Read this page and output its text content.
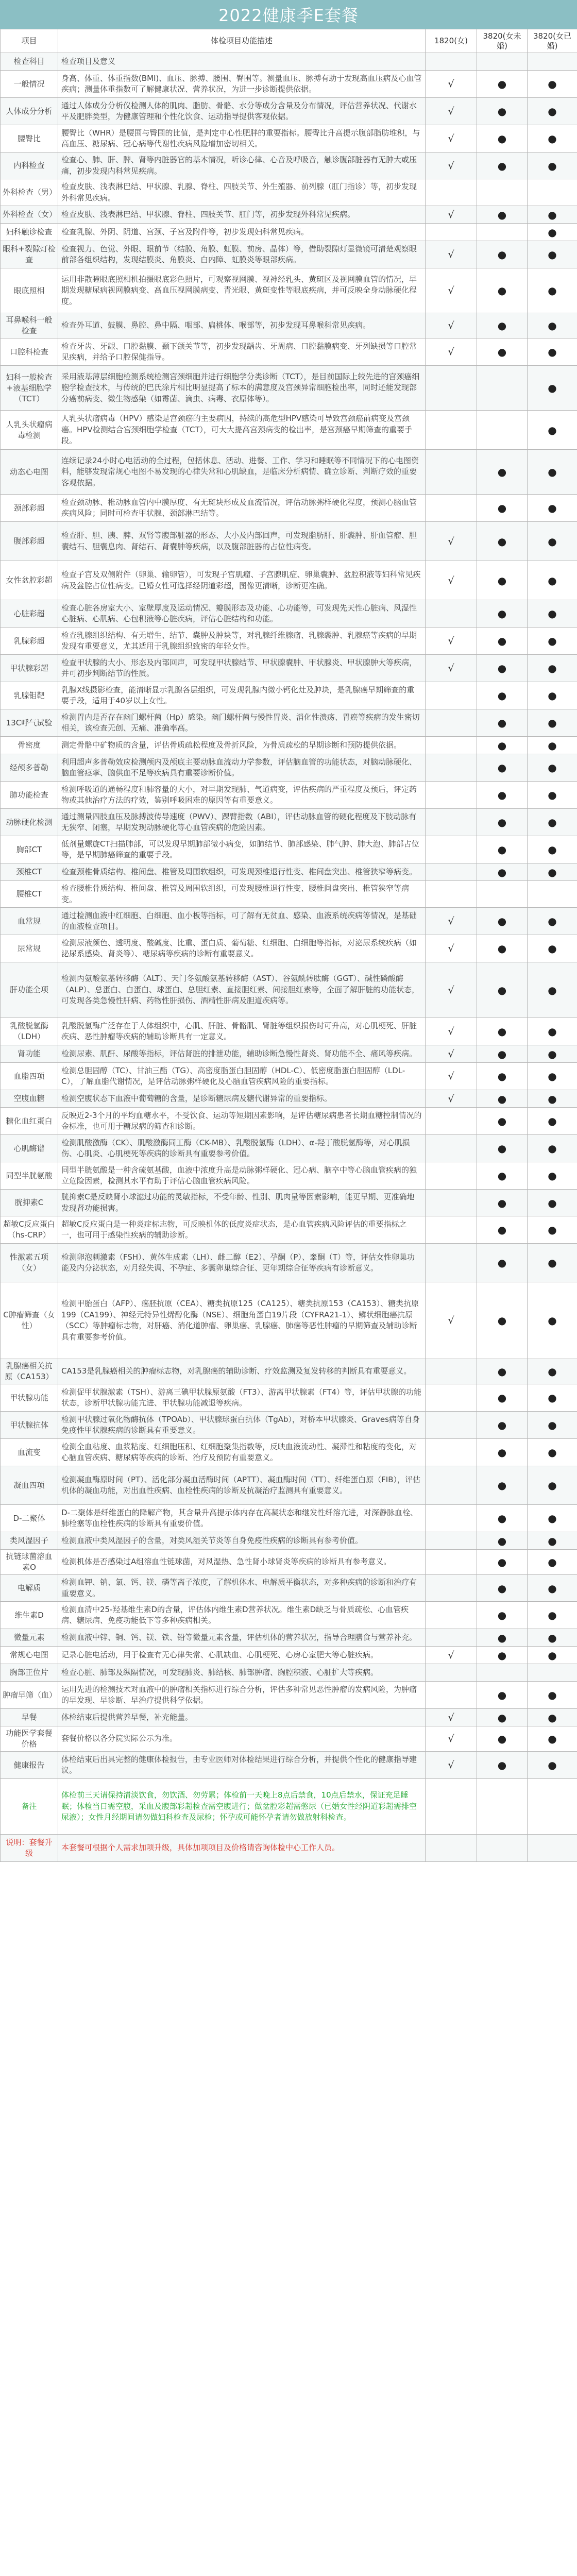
2022健康季E套餐
项目	体检项目功能描述	1820(女)	3820(女未婚)	3820(女已婚)
检查科目	检查项目及意义			
一般情况	身高、体重、体重指数(BMI)、血压、脉搏、腰围、臀围等。测量血压、脉搏有助于发现高血压病及心血管疾病；测量体重指数可了解健康状况、营养状况，为进一步诊断提供依据。	√	●	●
人体成分分析	通过人体成分分析仪检测人体的肌肉、脂肪、骨骼、水分等成分含量及分布情况，评估营养状况、代谢水平及肥胖类型，为健康管理和个性化饮食、运动指导提供客观依据。	√	●	●
腰臀比	腰臀比（WHR）是腰围与臀围的比值，是判定中心性肥胖的重要指标。腰臀比升高提示腹部脂肪堆积，与高血压、糖尿病、冠心病等代谢性疾病风险增加密切相关。	√	●	●
内科检查	检查心、肺、肝、脾、肾等内脏器官的基本情况，听诊心律、心音及呼吸音，触诊腹部脏器有无肿大或压痛，初步发现内科常见疾病。	√	●	●
外科检查（男）	检查皮肤、浅表淋巴结、甲状腺、乳腺、脊柱、四肢关节、外生殖器、前列腺（肛门指诊）等，初步发现外科常见疾病。			
外科检查（女）	检查皮肤、浅表淋巴结、甲状腺、脊柱、四肢关节、肛门等，初步发现外科常见疾病。	√	●	●
妇科触诊检查	检查乳腺、外阴、阴道、宫颈、子宫及附件等，初步发现妇科常见疾病。			●
眼科+裂隙灯检查	检查视力、色觉、外眼、眼前节（结膜、角膜、虹膜、前房、晶体）等，借助裂隙灯显微镜可清楚观察眼前部各组织结构，发现结膜炎、角膜炎、白内障、虹膜炎等眼部疾病。	√	●	●
眼底照相	运用非散瞳眼底照相机拍摄眼底彩色照片，可观察视网膜、视神经乳头、黄斑区及视网膜血管的情况，早期发现糖尿病视网膜病变、高血压视网膜病变、青光眼、黄斑变性等眼底疾病，并可反映全身动脉硬化程度。	√	●	●
耳鼻喉科一般检查	检查外耳道、鼓膜、鼻腔、鼻中隔、咽部、扁桃体、喉部等，初步发现耳鼻喉科常见疾病。	√	●	●
口腔科检查	检查牙齿、牙龈、口腔黏膜、颞下颌关节等，初步发现龋齿、牙周病、口腔黏膜病变、牙列缺损等口腔常见疾病，并给予口腔保健指导。	√	●	●
妇科一般检查+液基细胞学（TCT）	采用液基薄层细胞检测系统检测宫颈细胞并进行细胞学分类诊断（TCT），是目前国际上较先进的宫颈癌细胞学检查技术，与传统的巴氏涂片相比明显提高了标本的满意度及宫颈异常细胞检出率，同时还能发现部分癌前病变、微生物感染（如霉菌、滴虫、病毒、衣原体等）。			●
人乳头状瘤病毒检测	人乳头状瘤病毒（HPV）感染是宫颈癌的主要病因，持续的高危型HPV感染可导致宫颈癌前病变及宫颈癌。HPV检测结合宫颈细胞学检查（TCT），可大大提高宫颈病变的检出率，是宫颈癌早期筛查的重要手段。			●
动态心电图	连续记录24小时心电活动的全过程，包括休息、活动、进餐、工作、学习和睡眠等不同情况下的心电图资料，能够发现常规心电图不易发现的心律失常和心肌缺血，是临床分析病情、确立诊断、判断疗效的重要客观依据。		●	●
颈部彩超	检查颈动脉、椎动脉血管内中膜厚度、有无斑块形成及血流情况，评估动脉粥样硬化程度，预测心脑血管疾病风险；同时可检查甲状腺、颈部淋巴结等。		●	●
腹部彩超	检查肝、胆、胰、脾、双肾等腹部脏器的形态、大小及内部回声，可发现脂肪肝、肝囊肿、肝血管瘤、胆囊结石、胆囊息肉、肾结石、肾囊肿等疾病，以及腹部脏器的占位性病变。	√	●	●
女性盆腔彩超	检查子宫及双侧附件（卵巢、输卵管），可发现子宫肌瘤、子宫腺肌症、卵巢囊肿、盆腔积液等妇科常见疾病及盆腔占位性病变。已婚女性可选择经阴道彩超，图像更清晰，诊断更准确。	√	●	●
心脏彩超	检查心脏各房室大小、室壁厚度及运动情况、瓣膜形态及功能、心功能等，可发现先天性心脏病、风湿性心脏病、心肌病、心包积液等心脏疾病，评估心脏结构和功能。		●	●
乳腺彩超	检查乳腺组织结构、有无增生、结节、囊肿及肿块等，对乳腺纤维腺瘤、乳腺囊肿、乳腺癌等疾病的早期发现有重要意义，尤其适用于乳腺组织致密的年轻女性。	√	●	●
甲状腺彩超	检查甲状腺的大小、形态及内部回声，可发现甲状腺结节、甲状腺囊肿、甲状腺炎、甲状腺肿大等疾病，并可初步判断结节的性质。	√	●	●
乳腺钼靶	乳腺X线摄影检查，能清晰显示乳腺各层组织，可发现乳腺内微小钙化灶及肿块，是乳腺癌早期筛查的重要手段，适用于40岁以上女性。		●	●
13C呼气试验	检测胃内是否存在幽门螺杆菌（Hp）感染。幽门螺杆菌与慢性胃炎、消化性溃疡、胃癌等疾病的发生密切相关，该检查无创、无痛、准确率高。		●	●
骨密度	测定骨骼中矿物质的含量，评估骨质疏松程度及骨折风险，为骨质疏松的早期诊断和预防提供依据。		●	●
经颅多普勒	利用超声多普勒效应检测颅内及颅底主要动脉血流动力学参数，评估脑血管的功能状态，对脑动脉硬化、脑血管痉挛、脑供血不足等疾病具有重要诊断价值。		●	●
肺功能检查	检测呼吸道的通畅程度和肺容量的大小，对早期发现肺、气道病变，评估疾病的严重程度及预后，评定药物或其他治疗方法的疗效，鉴别呼吸困难的原因等有重要意义。		●	●
动脉硬化检测	通过测量四肢血压及脉搏波传导速度（PWV）、踝臂指数（ABI），评估动脉血管的硬化程度及下肢动脉有无狭窄、闭塞，早期发现动脉硬化等心血管疾病的危险因素。		●	●
胸部CT	低剂量螺旋CT扫描肺部，可以发现早期肺部微小病变，如肺结节、肺部感染、肺气肿、肺大泡、肺部占位等，是早期肺癌筛查的重要手段。		●	●
颈椎CT	检查颈椎骨质结构、椎间盘、椎管及周围软组织，可发现颈椎退行性变、椎间盘突出、椎管狭窄等病变。		●	●
腰椎CT	检查腰椎骨质结构、椎间盘、椎管及周围软组织，可发现腰椎退行性变、腰椎间盘突出、椎管狭窄等病变。			
血常规	通过检测血液中红细胞、白细胞、血小板等指标，可了解有无贫血、感染、血液系统疾病等情况，是基础的血液检查项目。	√	●	●
尿常规	检测尿液颜色、透明度、酸碱度、比重、蛋白质、葡萄糖、红细胞、白细胞等指标，对泌尿系统疾病（如泌尿系感染、肾炎等）、糖尿病等疾病的诊断有重要意义。	√	●	●
肝功能全项	检测丙氨酸氨基转移酶（ALT）、天门冬氨酸氨基转移酶（AST）、谷氨酰转肽酶（GGT）、碱性磷酸酶（ALP）、总蛋白、白蛋白、球蛋白、总胆红素、直接胆红素、间接胆红素等，全面了解肝脏的功能状态，可发现各类急慢性肝病、药物性肝损伤、酒精性肝病及胆道疾病等。	√	●	●
乳酸脱氢酶（LDH）	乳酸脱氢酶广泛存在于人体组织中，心肌、肝脏、骨骼肌、肾脏等组织损伤时可升高，对心肌梗死、肝脏疾病、恶性肿瘤等疾病的辅助诊断具有一定意义。	√	●	●
肾功能	检测尿素、肌酐、尿酸等指标，评估肾脏的排泄功能，辅助诊断急慢性肾炎、肾功能不全、痛风等疾病。	√	●	●
血脂四项	检测总胆固醇（TC）、甘油三酯（TG）、高密度脂蛋白胆固醇（HDL-C）、低密度脂蛋白胆固醇（LDL-C），了解血脂代谢情况，是评估动脉粥样硬化及心脑血管疾病风险的重要指标。	√	●	●
空腹血糖	检测空腹状态下血液中葡萄糖的含量，是诊断糖尿病及糖代谢异常的重要指标。	√	●	●
糖化血红蛋白	反映近2-3个月的平均血糖水平，不受饮食、运动等短期因素影响，是评估糖尿病患者长期血糖控制情况的金标准，也可用于糖尿病的筛查和诊断。		●	●
心肌酶谱	检测肌酸激酶（CK）、肌酸激酶同工酶（CK-MB）、乳酸脱氢酶（LDH）、α-羟丁酸脱氢酶等，对心肌损伤、心肌炎、心肌梗死等疾病的诊断具有重要参考价值。		●	●
同型半胱氨酸	同型半胱氨酸是一种含硫氨基酸，血液中浓度升高是动脉粥样硬化、冠心病、脑卒中等心脑血管疾病的独立危险因素，检测其水平有助于评估心脑血管疾病风险。		●	●
胱抑素C	胱抑素C是反映肾小球滤过功能的灵敏指标，不受年龄、性别、肌肉量等因素影响，能更早期、更准确地发现肾功能损害。		●	●
超敏C反应蛋白（hs-CRP）	超敏C反应蛋白是一种炎症标志物，可反映机体的低度炎症状态，是心血管疾病风险评估的重要指标之一，也可用于感染性疾病的辅助诊断。		●	●
性激素五项（女）	检测卵泡刺激素（FSH）、黄体生成素（LH）、雌二醇（E2）、孕酮（P）、睾酮（T）等，评估女性卵巢功能及内分泌状态，对月经失调、不孕症、多囊卵巢综合征、更年期综合征等疾病有诊断意义。		●	●
C肿瘤筛查（女性）	检测甲胎蛋白（AFP）、癌胚抗原（CEA）、糖类抗原125（CA125）、糖类抗原153（CA153）、糖类抗原199（CA199）、神经元特异性烯醇化酶（NSE）、细胞角蛋白19片段（CYFRA21-1）、鳞状细胞癌抗原（SCC）等肿瘤标志物，对肝癌、消化道肿瘤、卵巢癌、乳腺癌、肺癌等恶性肿瘤的早期筛查及辅助诊断具有重要参考价值。	√	●	●
乳腺癌相关抗原（CA153）	CA153是乳腺癌相关的肿瘤标志物，对乳腺癌的辅助诊断、疗效监测及复发转移的判断具有重要意义。		●	●
甲状腺功能	检测促甲状腺激素（TSH）、游离三碘甲状腺原氨酸（FT3）、游离甲状腺素（FT4）等，评估甲状腺的功能状态，诊断甲状腺功能亢进、甲状腺功能减退等疾病。		●	●
甲状腺抗体	检测甲状腺过氧化物酶抗体（TPOAb）、甲状腺球蛋白抗体（TgAb），对桥本甲状腺炎、Graves病等自身免疫性甲状腺疾病的诊断具有重要意义。		●	●
血流变	检测全血粘度、血浆粘度、红细胞压积、红细胞聚集指数等，反映血液流动性、凝滞性和粘度的变化，对心脑血管疾病、糖尿病等疾病的诊断、治疗及预防有重要意义。		●	●
凝血四项	检测凝血酶原时间（PT）、活化部分凝血活酶时间（APTT）、凝血酶时间（TT）、纤维蛋白原（FIB），评估机体的凝血功能，对出血性疾病、血栓性疾病的诊断及抗凝治疗监测具有重要意义。		●	●
D-二聚体	D-二聚体是纤维蛋白的降解产物，其含量升高提示体内存在高凝状态和继发性纤溶亢进，对深静脉血栓、肺栓塞等血栓性疾病的诊断具有重要价值。		●	●
类风湿因子	检测血液中类风湿因子的含量，对类风湿关节炎等自身免疫性疾病的诊断具有参考价值。		●	●
抗链球菌溶血素O	检测机体是否感染过A组溶血性链球菌，对风湿热、急性肾小球肾炎等疾病的诊断具有参考意义。		●	●
电解质	检测血钾、钠、氯、钙、镁、磷等离子浓度，了解机体水、电解质平衡状态，对多种疾病的诊断和治疗有重要意义。		●	●
维生素D	检测血清中25-羟基维生素D的含量，评估体内维生素D营养状况。维生素D缺乏与骨质疏松、心血管疾病、糖尿病、免疫功能低下等多种疾病相关。		●	●
微量元素	检测血液中锌、铜、钙、镁、铁、铅等微量元素含量，评估机体的营养状况，指导合理膳食与营养补充。		●	●
常规心电图	记录心脏电活动，用于检查有无心律失常、心肌缺血、心肌梗死、心房心室肥大等心脏疾病。	√	●	●
胸部正位片	检查心脏、肺部及纵隔情况，可发现肺炎、肺结核、肺部肿瘤、胸腔积液、心脏扩大等疾病。			
肿瘤早筛（血）	运用先进的检测技术对血液中的肿瘤相关指标进行综合分析，评估多种常见恶性肿瘤的发病风险，为肿瘤的早发现、早诊断、早治疗提供科学依据。		●	●
早餐	体检结束后提供营养早餐，补充能量。	√	●	●
功能医学套餐价格	套餐价格以各分院实际公示为准。	√	●	●
健康报告	体检结束后出具完整的健康体检报告，由专业医师对体检结果进行综合分析，并提供个性化的健康指导建议。	√	●	●
备注	体检前三天请保持清淡饮食，勿饮酒、勿劳累；体检前一天晚上8点后禁食，10点后禁水，保证充足睡眠；体检当日需空腹，采血及腹部彩超检查需空腹进行；做盆腔彩超需憋尿（已婚女性经阴道彩超需排空尿液）；女性月经期间请勿做妇科检查及尿检；怀孕或可能怀孕者请勿做放射科检查。			
说明：套餐升级	本套餐可根据个人需求加项升级，具体加项项目及价格请咨询体检中心工作人员。			
